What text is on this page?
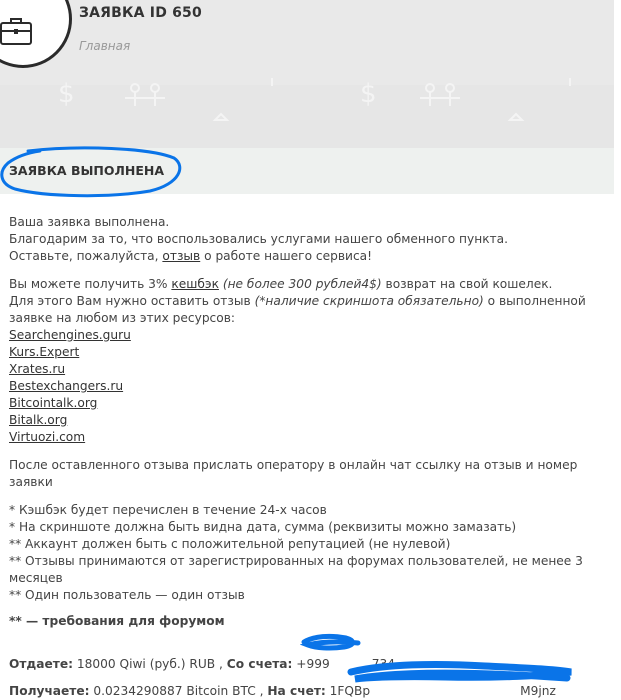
ЗАЯВКА ID 650
Главная
$	$
ЗАЯВКА ВЫПОЛНЕНА

Ваша заявка выполнена.

Благодарим за то, что воспользовались услугами нашего обменного пункта.

Оставьте, пожалуйста, отзыв о работе нашего сервиса!

Вы можете получить 3% кешбэк (не более 300 рублей4$) возврат на свой кошелек.

Для этого Вам нужно оставить отзыв (*наличие скриншота обязательно) о выполненной

заявке на любом из этих ресурсов:

Searchengines.guru
Kurs.Expert
Xrates.ru
Bestexchangers.ru
Bitcointalk.org
Bitalk.org
Virtuozi.com

После оставленного отзыва прислать оператору в онлайн чат ссылку на отзыв и номер заявки

* Кэшбэк будет перечислен в течение 24-х часов

* На скриншоте должна быть видна дата, сумма (реквизиты можно замазать)

** Аккаунт должен быть с положительной репутацией (не нулевой)

** Отзывы принимаются от зарегистрированных на форумах пользователей, не менее 3

месяцев

** Один пользователь — один отзыв

** — требования для форумом

Отдаете: 18000 Qiwi (руб.) RUB , Со счета: +999	734

Получаете: 0.0234290887 Bitcoin BTC , На счет: 1FQBp	M9jnz
